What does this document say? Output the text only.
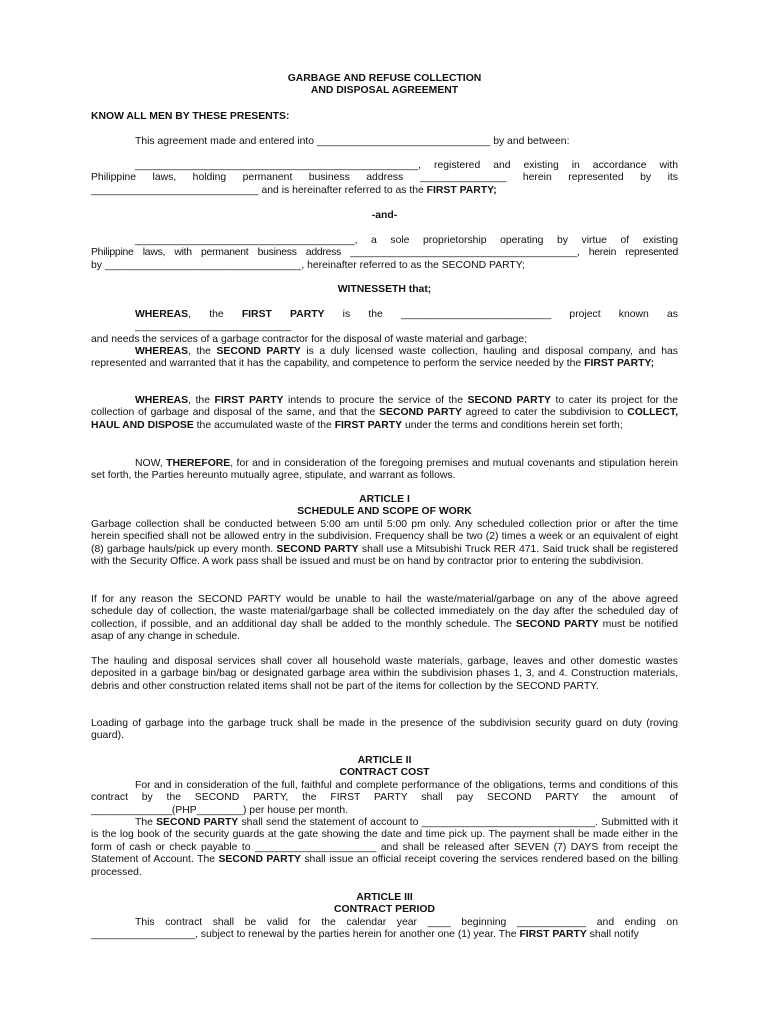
GARBAGE AND REFUSE COLLECTION
AND DISPOSAL AGREEMENT
KNOW ALL MEN BY THESE PRESENTS:
This agreement made and entered into ______________________________ by and between:

_________________________________________________, registered and existing in accordance with

Philippine laws, holding permanent business address _______________ herein represented by its

_____________________________ and is hereinafter referred to as the FIRST PARTY;

-and-

______________________________________, a sole proprietorship operating by virtue of existing

Philippine laws, with permanent business address _________________________________________, herein represented

by __________________________________, hereinafter referred to as the SECOND PARTY;

WITNESSETH that;

WHEREAS, the FIRST PARTY is the __________________________ project known as ___________________________

and needs the services of a garbage contractor for the disposal of waste material and garbage;

WHEREAS, the SECOND PARTY is a duly licensed waste collection, hauling and disposal company, and has represented and warranted that it has the capability, and competence to perform the service needed by the FIRST PARTY;

WHEREAS, the FIRST PARTY intends to procure the service of the SECOND PARTY to cater its project for the collection of garbage and disposal of the same, and that the SECOND PARTY agreed to cater the subdivision to COLLECT, HAUL AND DISPOSE the accumulated waste of the FIRST PARTY under the terms and conditions herein set forth;

NOW, THEREFORE, for and in consideration of the foregoing premises and mutual covenants and stipulation herein set forth, the Parties hereunto mutually agree, stipulate, and warrant as follows.

ARTICLE I
SCHEDULE AND SCOPE OF WORK

Garbage collection shall be conducted between 5:00 am until 5:00 pm only. Any scheduled collection prior or after the time herein specified shall not be allowed entry in the subdivision. Frequency shall be two (2) times a week or an equivalent of eight (8) garbage hauls/pick up every month. SECOND PARTY shall use a Mitsubishi Truck RER 471. Said truck shall be registered with the Security Office. A work pass shall be issued and must be on hand by contractor prior to entering the subdivision.

If for any reason the SECOND PARTY would be unable to hail the waste/material/garbage on any of the above agreed schedule day of collection, the waste material/garbage shall be collected immediately on the day after the scheduled day of collection, if possible, and an additional day shall be added to the monthly schedule. The SECOND PARTY must be notified asap of any change in schedule.

The hauling and disposal services shall cover all household waste materials, garbage, leaves and other domestic wastes deposited in a garbage bin/bag or designated garbage area within the subdivision phases 1, 3, and 4. Construction materials, debris and other construction related items shall not be part of the items for collection by the SECOND PARTY.

Loading of garbage into the garbage truck shall be made in the presence of the subdivision security guard on duty (roving guard).

ARTICLE II
CONTRACT COST

For and in consideration of the full, faithful and complete performance of the obligations, terms and conditions of this contract by the SECOND PARTY, the FIRST PARTY shall pay SECOND PARTY the amount of ______________(PHP________) per house per month.

The SECOND PARTY shall send the statement of account to ______________________________. Submitted with it is the log book of the security guards at the gate showing the date and time pick up. The payment shall be made either in the form of cash or check payable to _____________________ and shall be released after SEVEN (7) DAYS from receipt the Statement of Account. The SECOND PARTY shall issue an official receipt covering the services rendered based on the billing processed.

ARTICLE III
CONTRACT PERIOD

This contract shall be valid for the calendar year ____ beginning ____________ and ending on __________________, subject to renewal by the parties herein for another one (1) year. The FIRST PARTY shall notify
